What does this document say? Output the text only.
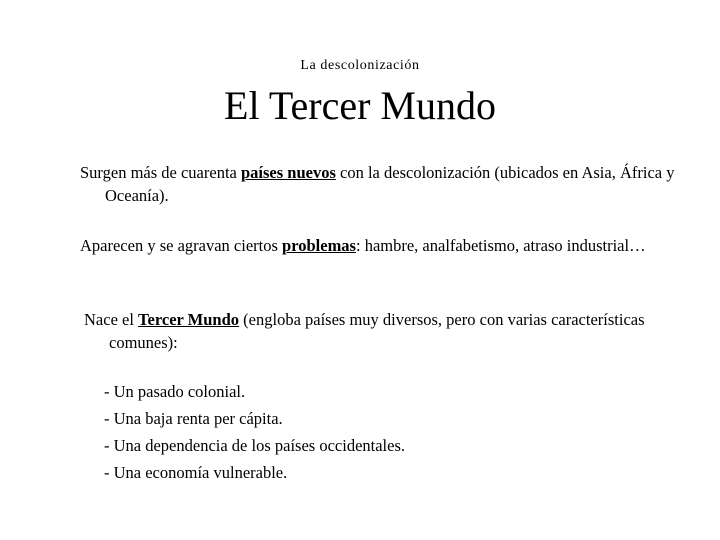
La descolonización
El Tercer Mundo
Surgen más de cuarenta países nuevos con la descolonización (ubicados en Asia, África y Oceanía).
Aparecen y se agravan ciertos problemas: hambre, analfabetismo, atraso industrial…
Nace el Tercer Mundo (engloba países muy diversos, pero con varias características comunes):
- Un pasado colonial.
- Una baja renta per cápita.
- Una dependencia de los países occidentales.
- Una economía vulnerable.
